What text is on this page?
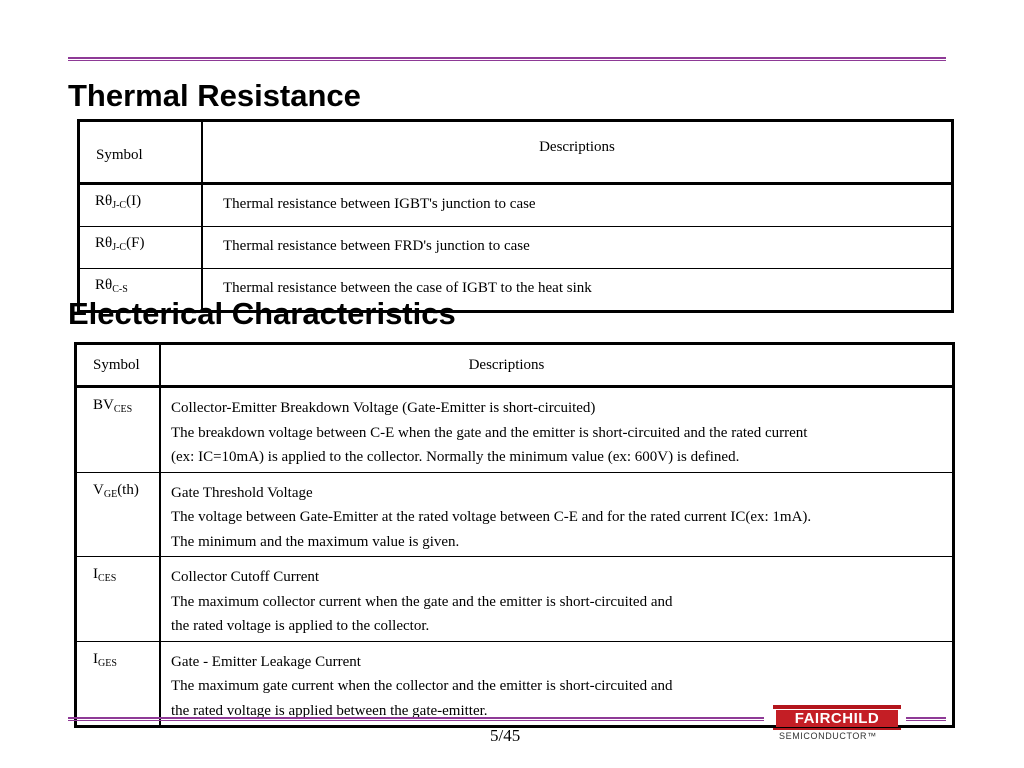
Thermal Resistance
Symbol	Descriptions
$R\theta_{J-C}(I)$	Thermal resistance between IGBT's junction to case
$R\theta_{J-C}(F)$	Thermal resistance between FRD's junction to case
$R\theta_{C-S}$	Thermal resistance between the case of IGBT to the heat sink
Electerical Characteristics
Symbol	Descriptions
$BV_{CES}$	Collector-Emitter Breakdown Voltage (Gate-Emitter is short-circuited)
The breakdown voltage between C-E when the gate and the emitter is short-circuited and the rated current
(ex: IC=10mA) is applied to the collector. Normally the minimum value (ex: 600V) is defined.

$V_{GE}(th)$	Gate Threshold Voltage
The voltage between Gate-Emitter at the rated voltage between C-E and for the rated current IC(ex: 1mA).
The minimum and the maximum value is given.

$I_{CES}$	Collector Cutoff Current
The maximum collector current when the gate and the emitter is short-circuited and
the rated voltage is applied to the collector.

$I_{GES}$	Gate - Emitter Leakage Current
The maximum gate current when the collector and the emitter is short-circuited and
the rated voltage is applied between the gate-emitter.
5/45
FAIRCHILD
SEMICONDUCTOR™
